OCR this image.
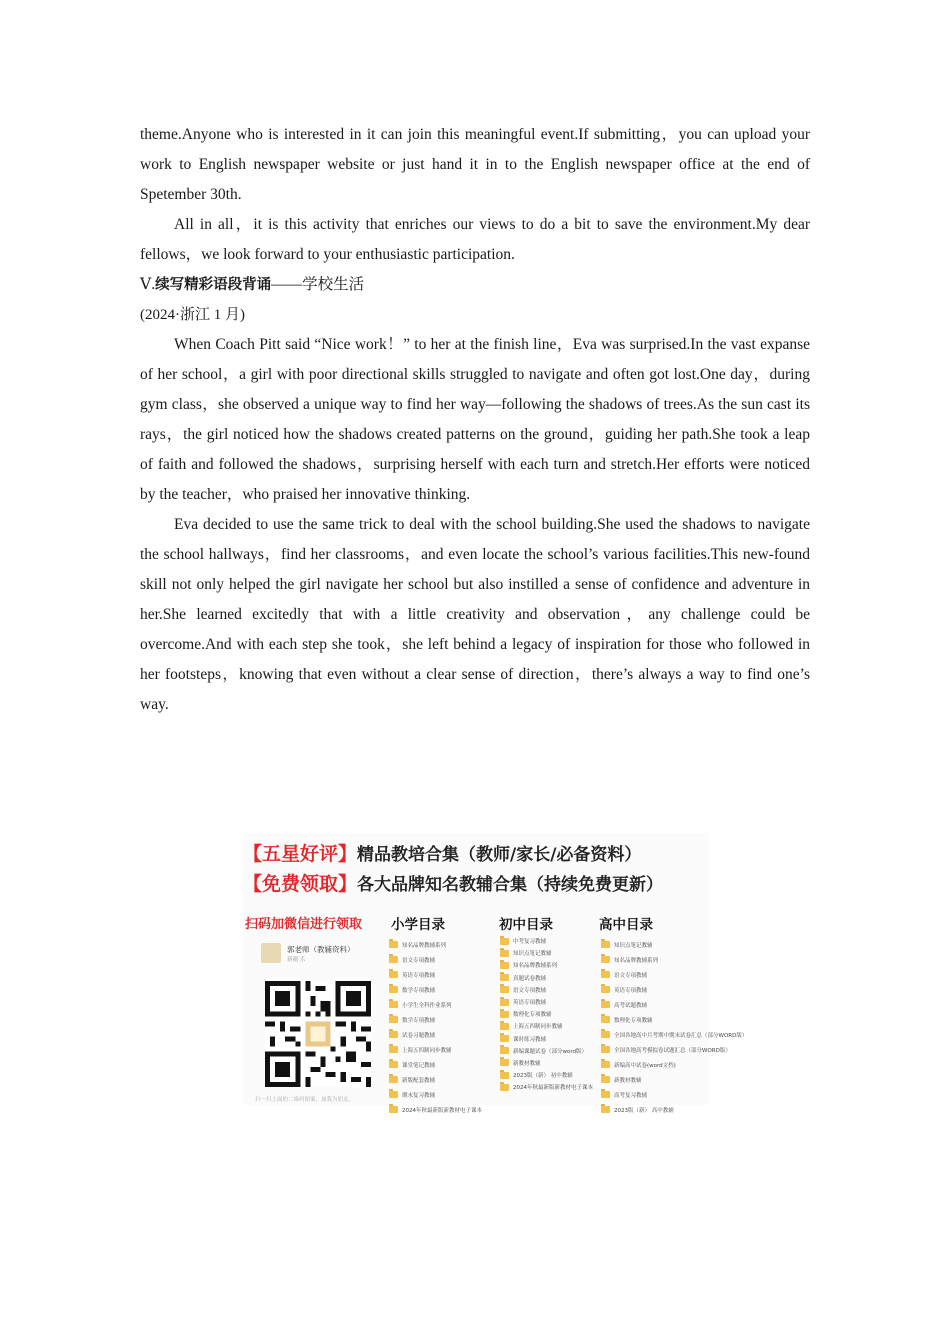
theme.Anyone who is interested in it can join this meaningful event.If submitting，you can upload your work to English newspaper website or just hand it in to the English newspaper office at the end of Spetember 30th.

All in all，it is this activity that enriches our views to do a bit to save the environment.My dear fellows，we look forward to your enthusiastic participation.

Ⅴ.续写精彩语段背诵——学校生活

(2024·浙江 1 月)

When Coach Pitt said “Nice work！” to her at the finish line，Eva was surprised.In the vast expanse of her school，a girl with poor directional skills struggled to navigate and often got lost.One day，during gym class，she observed a unique way to find her way—following the shadows of trees.As the sun cast its rays，the girl noticed how the shadows created patterns on the ground，guiding her path.She took a leap of faith and followed the shadows，surprising herself with each turn and stretch.Her efforts were noticed by the teacher，who praised her innovative thinking.

Eva decided to use the same trick to deal with the school building.She used the shadows to navigate the school hallways，find her classrooms，and even locate the school’s various facilities.This new-found skill not only helped the girl navigate her school but also instilled a sense of confidence and adventure in her.She learned excitedly that with a little creativity and observation，any challenge could be overcome.And with each step she took，she left behind a legacy of inspiration for those who followed in her footsteps，knowing that even without a clear sense of direction，there’s always a way to find one’s way.

【五星好评】精品教培合集（教师/家长/必备资料）
【免费领取】各大品牌知名教辅合集（持续免费更新）
扫码加微信进行领取 小学目录	初中目录	高中目录
郭老师（教辅资料）
新疆 乐
扫一扫上面的二维码图案，加我为朋友。
知名品牌教辅系列
语文专项教辅
英语专项教辅
数学专项教辅
小学生全科作业系列
数学专项教辅
试卷习题教辅
上海五四制同步教辅
课堂笔记教辅
新版配套教辅
期末复习教辅
2024年秋最新版新教材电子课本
中考复习教辅
知识点笔记教辅
知名品牌教辅系列
真题试卷教辅
语文专项教辅
英语专项教辅
数理化专项教辅
上海五四制同步教辅
课时练习教辅
新编课题试卷（部分word版）
新教材教辅
2023版（新） 初中教辅
2024年秋最新版新教材电子课本
知识点笔记教辅
知名品牌教辅系列
语文专项教辅
英语专项教辅
高考试题教辅
数理化专项教辅
全国各地高中月考期中期末试卷汇总（部分WORD版）
全国各地高考模拟卷试题汇总（部分WORD版）
新编高中试卷(word文档)
新教材教辅
高考复习教辅
2023版（新） 高中教辅
